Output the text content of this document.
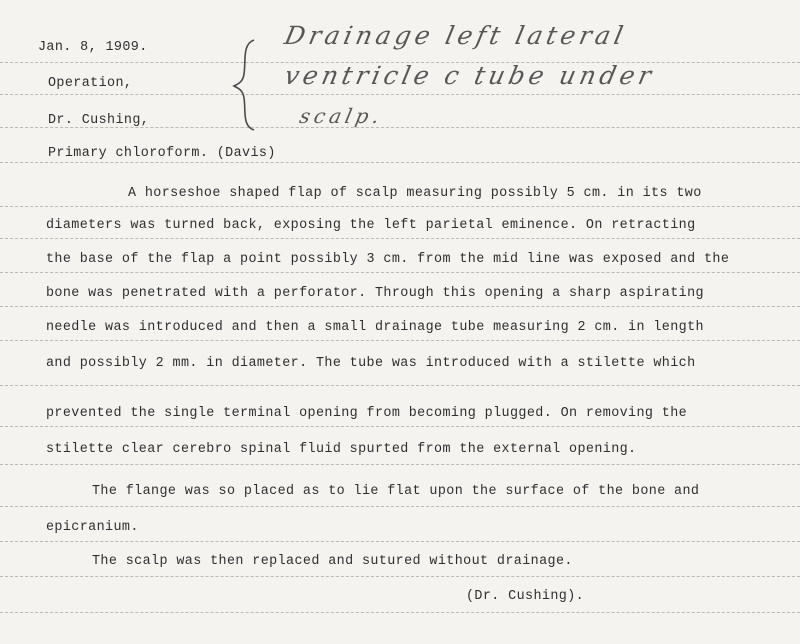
Jan. 8, 1909.
Operation,
Dr. Cushing,
Primary chloroform. (Davis)
Drainage left lateral
ventricle c tube under
scalp.
A horseshoe shaped flap of scalp measuring possibly 5 cm. in its two
diameters was turned back, exposing the left parietal eminence. On retracting
the base of the flap a point possibly 3 cm. from the mid line was exposed and the
bone was penetrated with a perforator. Through this opening a sharp aspirating
needle was introduced and then a small drainage tube measuring 2 cm. in length
and possibly 2 mm. in diameter. The tube was introduced with a stilette which
prevented the single terminal opening from becoming plugged. On removing the
stilette clear cerebro spinal fluid spurted from the external opening.
The flange was so placed as to lie flat upon the surface of the bone and
epicranium.
The scalp was then replaced and sutured without drainage.
(Dr. Cushing).
